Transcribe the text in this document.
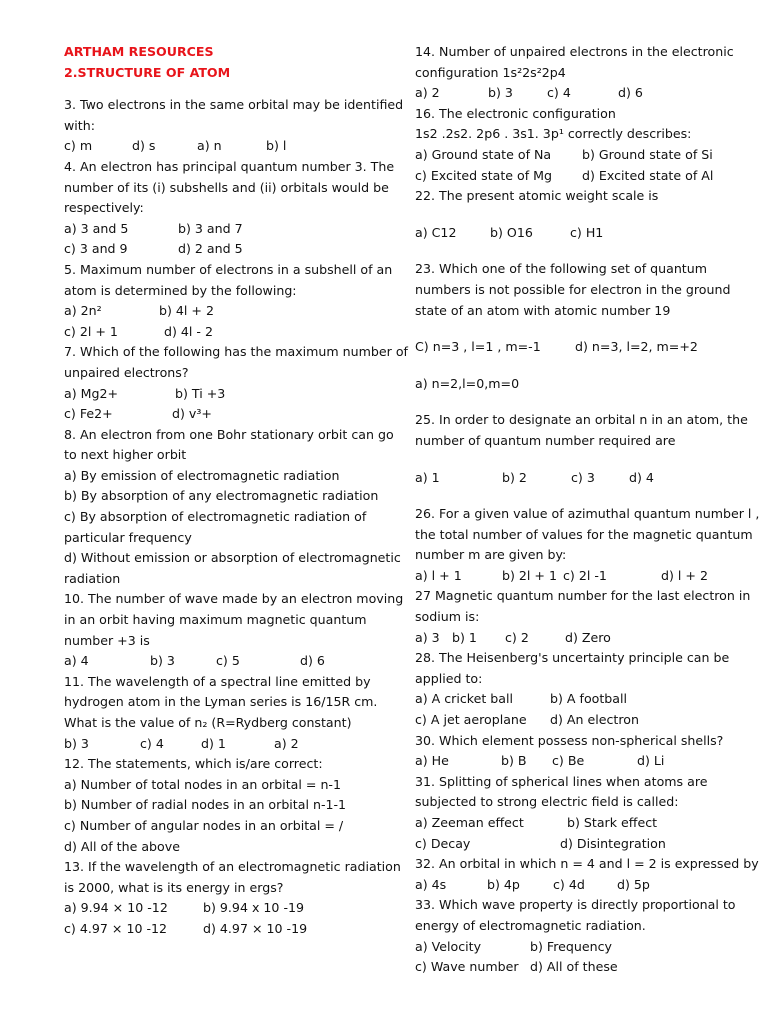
ARTHAM RESOURCES
2.STRUCTURE OF ATOM
3. Two electrons in the same orbital may be identified
with:
c) m	d) s	a) n	b) l
4. An electron has principal quantum number 3. The
number of its (i) subshells and (ii) orbitals would be
respectively:
a) 3 and 5	b) 3 and 7
c) 3 and 9	d) 2 and 5
5. Maximum number of electrons in a subshell of an
atom is determined by the following:
a) 2n²	b) 4l + 2
c) 2l + 1	d) 4l - 2
7. Which of the following has the maximum number of
unpaired electrons?
a) Mg2+	b) Ti +3
c) Fe2+	d) v³+
8. An electron from one Bohr stationary orbit can go
to next higher orbit
a) By emission of electromagnetic radiation
b) By absorption of any electromagnetic radiation
c) By absorption of electromagnetic radiation of
particular frequency
d) Without emission or absorption of electromagnetic
radiation
10. The number of wave made by an electron moving
in an orbit having maximum magnetic quantum
number +3 is
a) 4	b) 3	c) 5	d) 6
11. The wavelength of a spectral line emitted by
hydrogen atom in the Lyman series is 16/15R cm.
What is the value of n₂ (R=Rydberg constant)
b) 3	c) 4	d) 1	a) 2
12. The statements, which is/are correct:
a) Number of total nodes in an orbital = n-1
b) Number of radial nodes in an orbital n-1-1
c) Number of angular nodes in an orbital = /
d) All of the above
13. If the wavelength of an electromagnetic radiation
is 2000, what is its energy in ergs?
a) 9.94 × 10 -12	b) 9.94 x 10 -19
c) 4.97 × 10 -12	d) 4.97 × 10 -19
14. Number of unpaired electrons in the electronic
configuration 1s²2s²2p4
a) 2	b) 3	c) 4	d) 6
16. The electronic configuration
1s2 .2s2. 2p6 . 3s1. 3p¹ correctly describes:
a) Ground state of Na b) Ground state of Si
c) Excited state of Mg d) Excited state of Al
22. The present atomic weight scale is
a) C12	b) O16	c) H1
23. Which one of the following set of quantum
numbers is not possible for electron in the ground
state of an atom with atomic number 19
C) n=3 , l=1 , m=-1	d) n=3, l=2, m=+2
a) n=2,l=0,m=0
25. In order to designate an orbital n in an atom, the
number of quantum number required are
a) 1	b) 2	c) 3	d) 4
26. For a given value of azimuthal quantum number l ,
the total number of values for the magnetic quantum
number m are given by:
a) l + 1	b) 2l + 1 c) 2l -1	d) l + 2
27 Magnetic quantum number for the last electron in
sodium is:
a) 3 b) 1 c) 2	d) Zero
28. The Heisenberg's uncertainty principle can be
applied to:
a) A cricket ball	b) A football
c) A jet aeroplane d) An electron
30. Which element possess non-spherical shells?
a) He	b) B c) Be	d) Li
31. Splitting of spherical lines when atoms are
subjected to strong electric field is called:
a) Zeeman effect	b) Stark effect
c) Decay	d) Disintegration
32. An orbital in which n = 4 and l = 2 is expressed by
a) 4s	b) 4p	c) 4d	d) 5p
33. Which wave property is directly proportional to
energy of electromagnetic radiation.
a) Velocity	b) Frequency
c) Wave number d) All of these
